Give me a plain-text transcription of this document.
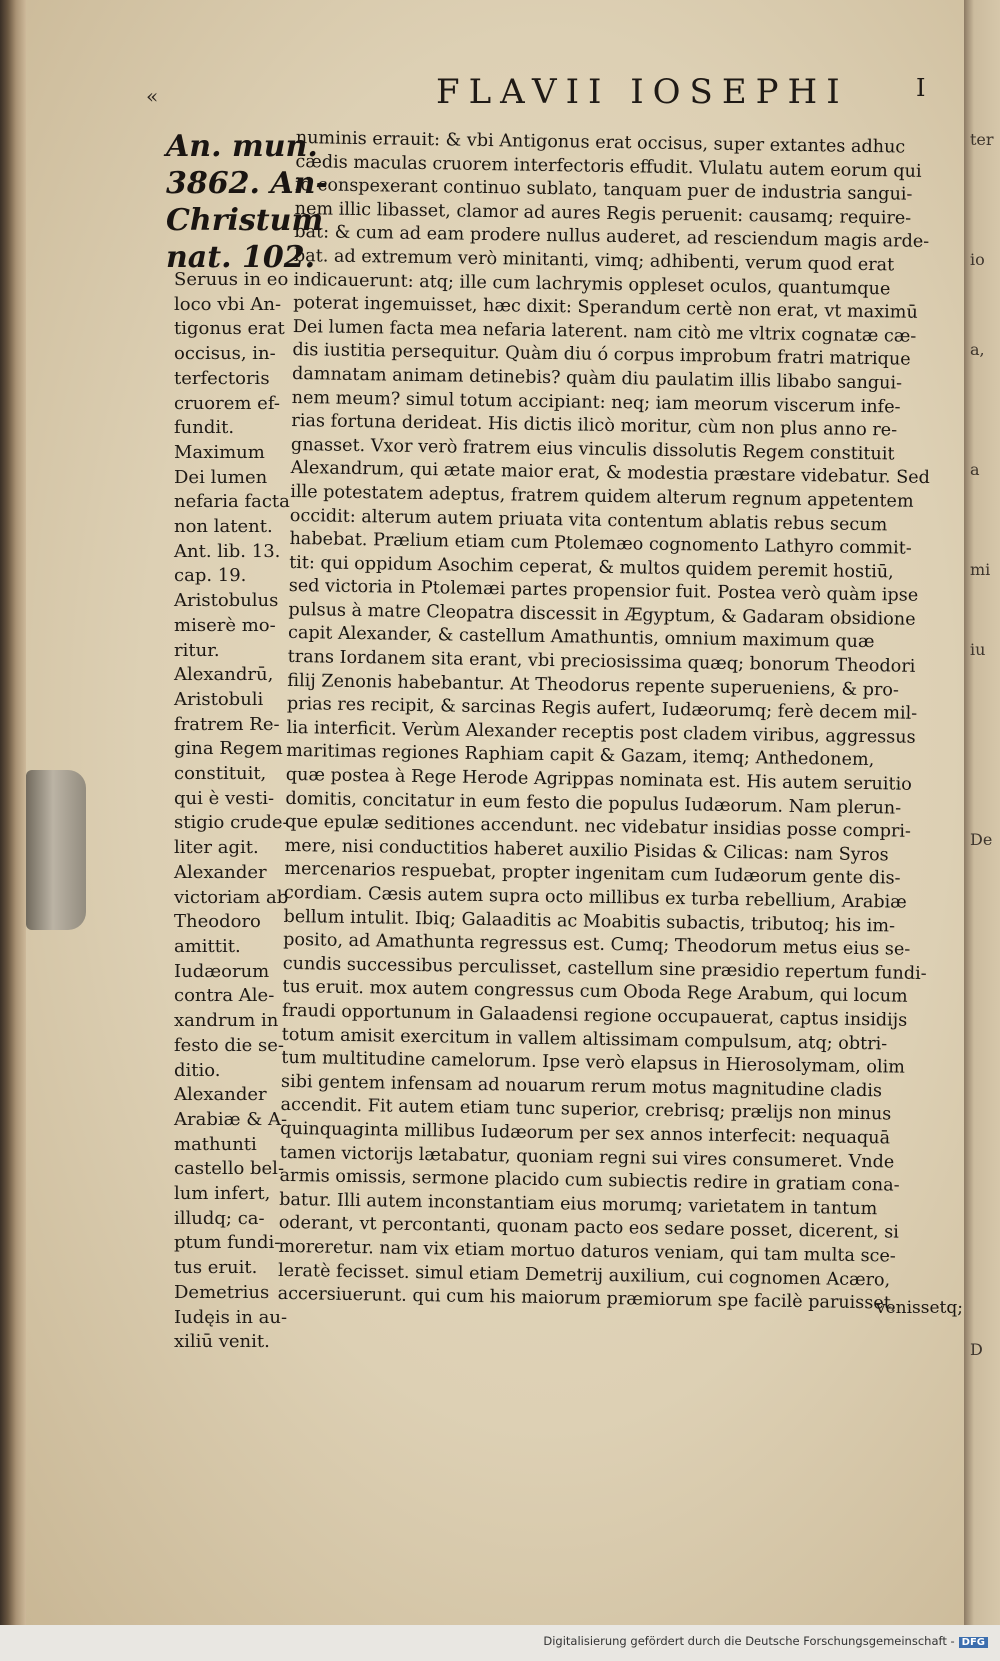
«	FLAVII IOSEPHI	I
An. mun.
3862. An-
Christum
nat. 102.
Seruus in eo
loco vbi An-
tigonus erat
occisus, in-
terfectoris
cruorem ef-
fundit.
Maximum
Dei lumen
nefaria facta
non latent.
Ant. lib. 13.
cap. 19.
Aristobulus
miserè mo-
ritur.
Alexandrū,
Aristobuli
fratrem Re-
gina Regem
constituit,
qui è vesti-
stigio crude-
liter agit.
Alexander
victoriam ab
Theodoro
amittit.
Iudæorum
contra Ale-
xandrum in
festo die se-
ditio.
Alexander
Arabiæ & A-
mathunti
castello bel-
lum infert,
illudq; ca-
ptum fundi-
tus eruit.
Demetrius
Iudęis in au-
xiliū venit.
numinis errauit: & vbi Antigonus erat occisus, super extantes adhuc
cædis maculas cruorem interfectoris effudit. Vlulatu autem eorum qui
id conspexerant continuo sublato, tanquam puer de industria sangui-
nem illic libasset, clamor ad aures Regis peruenit: causamq; require-
bat: & cum ad eam prodere nullus auderet, ad resciendum magis arde-
bat. ad extremum verò minitanti, vimq; adhibenti, verum quod erat
indicauerunt: atq; ille cum lachrymis oppleset oculos, quantumque
poterat ingemuisset, hæc dixit: Sperandum certè non erat, vt maximū
Dei lumen facta mea nefaria laterent. nam citò me vltrix cognatæ cæ-
dis iustitia persequitur. Quàm diu ó corpus improbum fratri matrique
damnatam animam detinebis? quàm diu paulatim illis libabo sangui-
nem meum? simul totum accipiant: neq; iam meorum viscerum infe-
rias fortuna derideat. His dictis ilicò moritur, cùm non plus anno re-
gnasset. Vxor verò fratrem eius vinculis dissolutis Regem constituit
Alexandrum, qui ætate maior erat, & modestia præstare videbatur. Sed
ille potestatem adeptus, fratrem quidem alterum regnum appetentem
occidit: alterum autem priuata vita contentum ablatis rebus secum
habebat. Prælium etiam cum Ptolemæo cognomento Lathyro commit-
tit: qui oppidum Asochim ceperat, & multos quidem peremit hostiū,
sed victoria in Ptolemæi partes propensior fuit. Postea verò quàm ipse
pulsus à matre Cleopatra discessit in Ægyptum, & Gadaram obsidione
capit Alexander, & castellum Amathuntis, omnium maximum quæ
trans Iordanem sita erant, vbi preciosissima quæq; bonorum Theodori
filij Zenonis habebantur. At Theodorus repente superueniens, & pro-
prias res recipit, & sarcinas Regis aufert, Iudæorumq; ferè decem mil-
lia interficit. Verùm Alexander receptis post cladem viribus, aggressus
maritimas regiones Raphiam capit & Gazam, itemq; Anthedonem,
quæ postea à Rege Herode Agrippas nominata est. His autem seruitio
domitis, concitatur in eum festo die populus Iudæorum. Nam plerun-
que epulæ seditiones accendunt. nec videbatur insidias posse compri-
mere, nisi conductitios haberet auxilio Pisidas & Cilicas: nam Syros
mercenarios respuebat, propter ingenitam cum Iudæorum gente dis-
cordiam. Cæsis autem supra octo millibus ex turba rebellium, Arabiæ
bellum intulit. Ibiq; Galaaditis ac Moabitis subactis, tributoq; his im-
posito, ad Amathunta regressus est. Cumq; Theodorum metus eius se-
cundis successibus perculisset, castellum sine præsidio repertum fundi-
tus eruit. mox autem congressus cum Oboda Rege Arabum, qui locum
fraudi opportunum in Galaadensi regione occupauerat, captus insidijs
totum amisit exercitum in vallem altissimam compulsum, atq; obtri-
tum multitudine camelorum. Ipse verò elapsus in Hierosolymam, olim
sibi gentem infensam ad nouarum rerum motus magnitudine cladis
accendit. Fit autem etiam tunc superior, crebrisq; prælijs non minus
quinquaginta millibus Iudæorum per sex annos interfecit: nequaquā
tamen victorijs lætabatur, quoniam regni sui vires consumeret. Vnde
armis omissis, sermone placido cum subiectis redire in gratiam cona-
batur. Illi autem inconstantiam eius morumq; varietatem in tantum
oderant, vt percontanti, quonam pacto eos sedare posset, dicerent, si
moreretur. nam vix etiam mortuo daturos veniam, qui tam multa sce-
leratè fecisset. simul etiam Demetrij auxilium, cui cognomen Acæro,
accersiuerunt. qui cum his maiorum præmiorum spe facilè paruisset,
venissetq;
ter
io
a,
a
mi
iu
De
D
Digitalisierung gefördert durch die Deutsche Forschungsgemeinschaft - DFG
